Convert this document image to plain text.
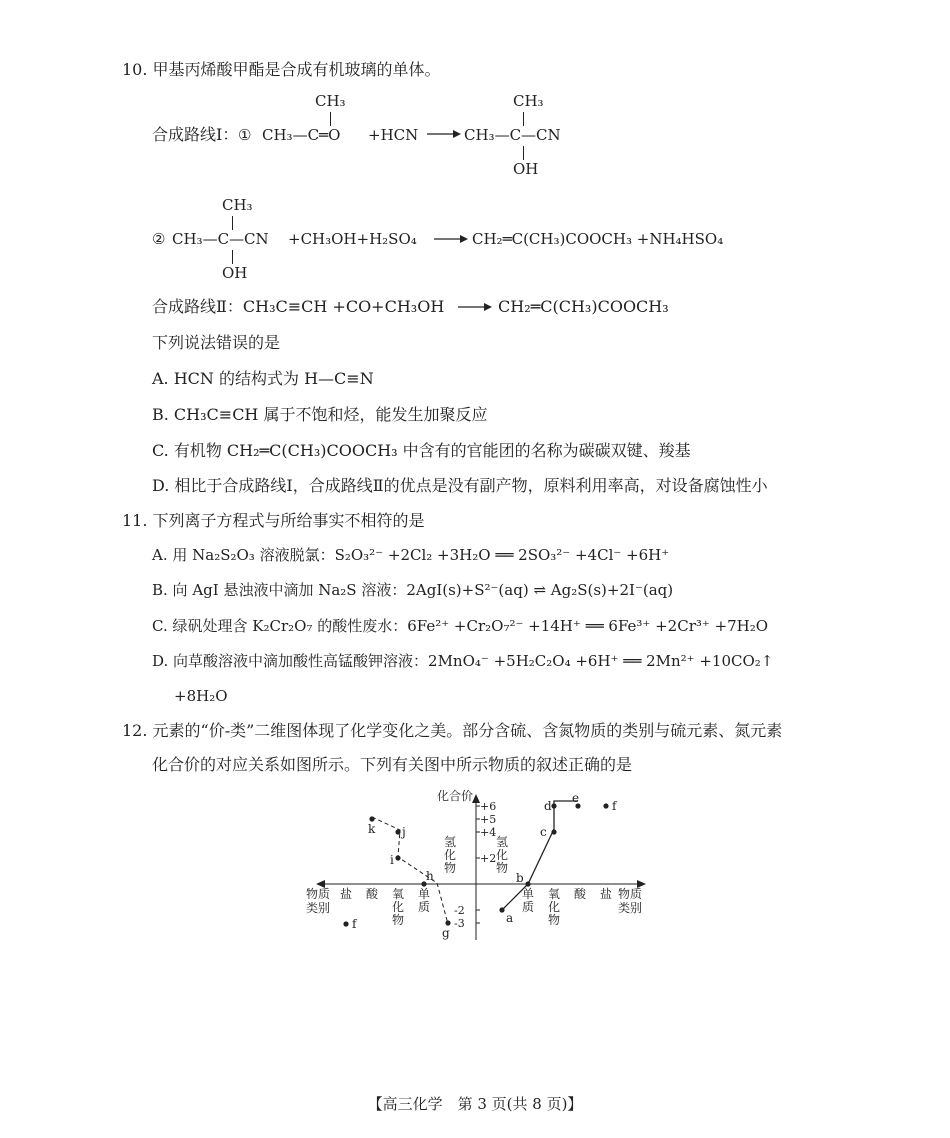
10. 甲基丙烯酸甲酯是合成有机玻璃的单体。
合成路线Ⅰ： ① CH₃—C═O
CH₃
+HCN → CH₃—C—CN
CH₃
OH
② CH₃—C—CN
CH₃
OH
+CH₃OH+H₂SO₄ → CH₂═C(CH₃)COOCH₃ +NH₄HSO₄
合成路线Ⅱ：CH₃C≡CH +CO+CH₃OH → CH₂═C(CH₃)COOCH₃
下列说法错误的是
A. HCN 的结构式为 H—C≡N
B. CH₃C≡CH 属于不饱和烃，能发生加聚反应
C. 有机物 CH₂═C(CH₃)COOCH₃ 中含有的官能团的名称为碳碳双键、羧基
D. 相比于合成路线Ⅰ，合成路线Ⅱ的优点是没有副产物，原料利用率高，对设备腐蚀性小
11. 下列离子方程式与所给事实不相符的是
A. 用 Na₂S₂O₃ 溶液脱氯：S₂O₃²⁻ +2Cl₂ +3H₂O ══ 2SO₃²⁻ +4Cl⁻ +6H⁺
B. 向 AgI 悬浊液中滴加 Na₂S 溶液：2AgI(s)+S²⁻(aq) ⇌ Ag₂S(s)+2I⁻(aq)
C. 绿矾处理含 K₂Cr₂O₇ 的酸性废水：6Fe²⁺ +Cr₂O₇²⁻ +14H⁺ ══ 6Fe³⁺ +2Cr³⁺ +7H₂O
D. 向草酸溶液中滴加酸性高锰酸钾溶液：2MnO₄⁻ +5H₂C₂O₄ +6H⁺ ══ 2Mn²⁺ +10CO₂↑
+8H₂O
12. 元素的“价-类”二维图体现了化学变化之美。部分含硫、含氮物质的类别与硫元素、氮元素
化合价的对应关系如图所示。下列有关图中所示物质的叙述正确的是
化合价
+6
+5
+4
+2
-2
-3
物质
类别
盐 酸 氧
化
物
单
质
氢
化
物
氢
化
物
单
质
氧
化
物
酸 盐 物质
类别
k j
i
h
g
f	a
b
c
d
e
f
【高三化学　第 3 页(共 8 页)】
